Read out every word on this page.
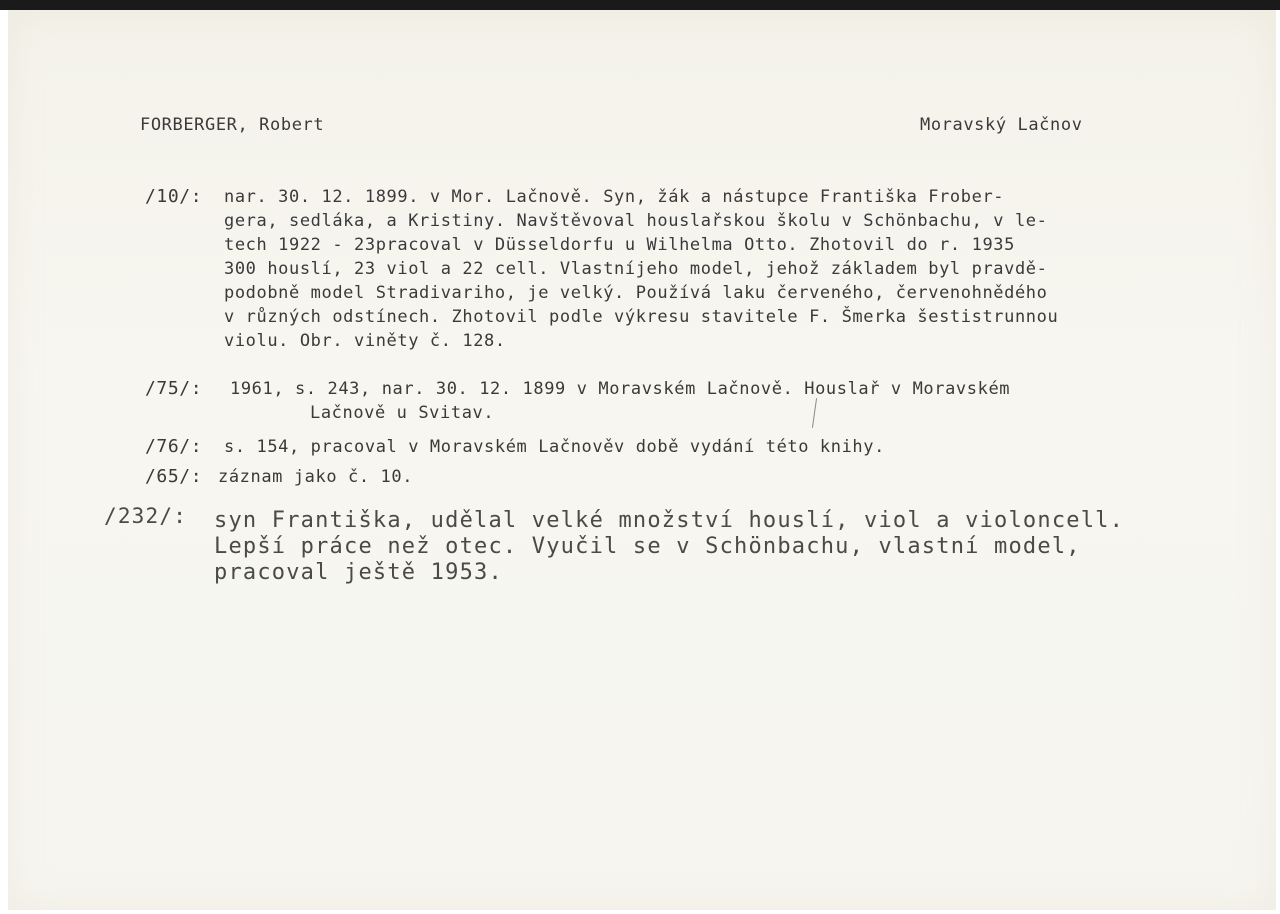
FORBERGER, Robert	Moravský Lačnov
/10/: nar. 30. 12. 1899. v Mor. Lačnově. Syn, žák a nástupce Františka Frober-
gera, sedláka, a Kristiny. Navštěvoval houslařskou školu v Schönbachu, v le-
tech 1922 - 23pracoval v Düsseldorfu u Wilhelma Otto. Zhotovil do r. 1935
300 houslí, 23 viol a 22 cell. Vlastníjeho model, jehož základem byl pravdě-
podobně model Stradivariho, je velký. Používá laku červeného, červenohnědého
v různých odstínech. Zhotovil podle výkresu stavitele F. Šmerka šestistrunnou
violu. Obr. viněty č. 128.
/75/: 1961, s. 243, nar. 30. 12. 1899 v Moravském Lačnově. Houslař v Moravském
Lačnově u Svitav.
/76/: s. 154, pracoval v Moravském Lačnověv době vydání této knihy.
/65/: záznam jako č. 10.
/232/: syn Františka, udělal velké množství houslí, viol a violoncell.
Lepší práce než otec. Vyučil se v Schönbachu, vlastní model,
pracoval ještě 1953.
